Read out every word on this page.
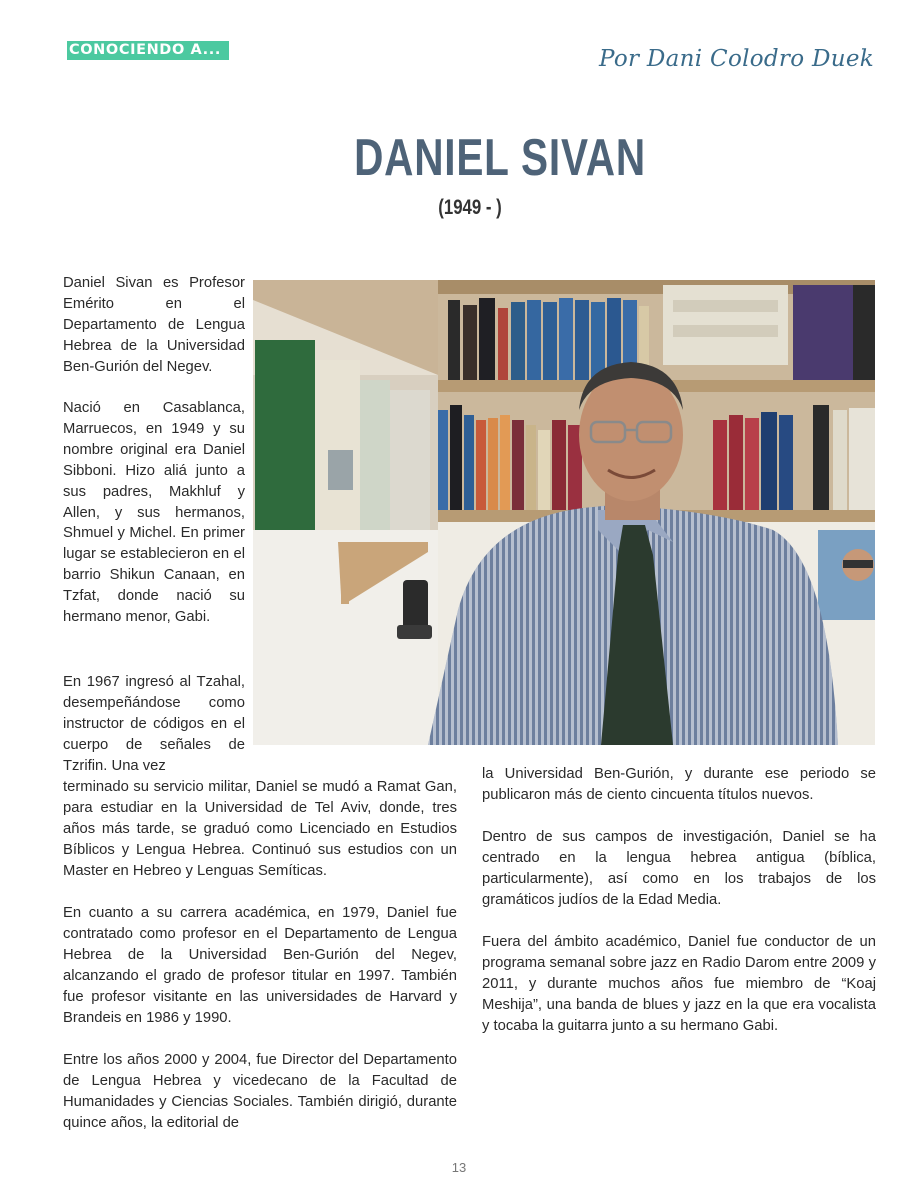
CONOCIENDO A...	Por Dani Colodro Duek
DANIEL SIVAN
(1949 - )

Daniel Sivan es Profesor Emérito en el Departamento de Lengua Hebrea de la Universidad Ben-Gurión del Negev.

Nació en Casablanca, Marruecos, en 1949 y su nombre original era Daniel Sibboni. Hizo aliá junto a sus padres, Makhluf y Allen, y sus hermanos, Shmuel y Michel. En primer lugar se establecieron en el barrio Shikun Canaan, en Tzfat, donde nació su hermano menor, Gabi.

En 1967 ingresó al Tzahal, desempeñándose como instructor de códigos en el cuerpo de señales de Tzrifin. Una vez

terminado su servicio militar, Daniel se mudó a Ramat Gan, para estudiar en la Universidad de Tel Aviv, donde, tres años más tarde, se graduó como Licenciado en Estudios Bíblicos y Lengua Hebrea. Continuó sus estudios con un Master en Hebreo y Lenguas Semíticas.

En cuanto a su carrera académica, en 1979, Daniel fue contratado como profesor en el Departamento de Lengua Hebrea de la Universidad Ben-Gurión del Negev, alcanzando el grado de profesor titular en 1997. También fue profesor visitante en las universidades de Harvard y Brandeis en 1986 y 1990.

Entre los años 2000 y 2004, fue Director del Departamento de Lengua Hebrea y vicedecano de la Facultad de Humanidades y Ciencias Sociales. También dirigió, durante quince años, la editorial de

la Universidad Ben-Gurión, y durante ese periodo se publicaron más de ciento cincuenta títulos nuevos.

Dentro de sus campos de investigación, Daniel se ha centrado en la lengua hebrea antigua (bíblica, particularmente), así como en los trabajos de los gramáticos judíos de la Edad Media.

Fuera del ámbito académico, Daniel fue conductor de un programa semanal sobre jazz en Radio Darom entre 2009 y 2011, y durante muchos años fue miembro de “Koaj Meshija”, una banda de blues y jazz en la que era vocalista y tocaba la guitarra junto a su hermano Gabi.

13
